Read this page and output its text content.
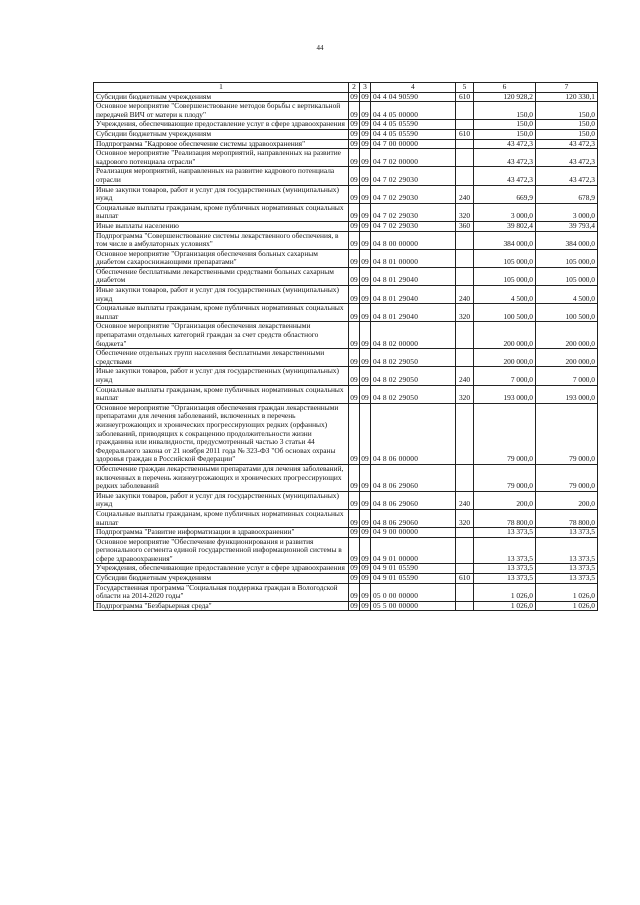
44
1	2	3	4	5	6	7
Субсидии бюджетным учреждениям	09	09	04 4 04 90590	610	120 928,2	120 330,1
Основное мероприятие "Совершенствование методов борьбы с вертикальной передачей ВИЧ от матери к плоду"	09	09	04 4 05 00000		150,0	150,0
Учреждения, обеспечивающие предоставление услуг в сфере здравоохранения	09	09	04 4 05 05590		150,0	150,0
Субсидии бюджетным учреждениям	09	09	04 4 05 05590	610	150,0	150,0
Подпрограмма "Кадровое обеспечение системы здравоохранения"	09	09	04 7 00 00000		43 472,3	43 472,3
Основное мероприятие "Реализация мероприятий, направленных на развитие кадрового потенциала отрасли"	09	09	04 7 02 00000		43 472,3	43 472,3
Реализация мероприятий, направленных на развитие кадрового потенциала отрасли	09	09	04 7 02 29030		43 472,3	43 472,3
Иные закупки товаров, работ и услуг для государственных (муниципальных) нужд	09	09	04 7 02 29030	240	669,9	678,9
Социальные выплаты гражданам, кроме публичных нормативных социальных выплат	09	09	04 7 02 29030	320	3 000,0	3 000,0
Иные выплаты населению	09	09	04 7 02 29030	360	39 802,4	39 793,4
Подпрограмма "Совершенствование системы лекарственного обеспечения, в том числе в амбулаторных условиях"	09	09	04 8 00 00000		384 000,0	384 000,0
Основное мероприятие "Организация обеспечения больных сахарным диабетом сахароснижающими препаратами"	09	09	04 8 01 00000		105 000,0	105 000,0
Обеспечение бесплатными лекарственными средствами больных сахарным диабетом	09	09	04 8 01 29040		105 000,0	105 000,0
Иные закупки товаров, работ и услуг для государственных (муниципальных) нужд	09	09	04 8 01 29040	240	4 500,0	4 500,0
Социальные выплаты гражданам, кроме публичных нормативных социальных выплат	09	09	04 8 01 29040	320	100 500,0	100 500,0
Основное мероприятие "Организация обеспечения лекарственными препаратами отдельных категорий граждан за счет средств областного бюджета"	09	09	04 8 02 00000		200 000,0	200 000,0
Обеспечение отдельных групп населения бесплатными лекарственными средствами	09	09	04 8 02 29050		200 000,0	200 000,0
Иные закупки товаров, работ и услуг для государственных (муниципальных) нужд	09	09	04 8 02 29050	240	7 000,0	7 000,0
Социальные выплаты гражданам, кроме публичных нормативных социальных выплат	09	09	04 8 02 29050	320	193 000,0	193 000,0
Основное мероприятие "Организация обеспечения граждан лекарственными препаратами для лечения заболеваний, включенных в перечень жизнеугрожающих и хронических прогрессирующих редких (орфанных) заболеваний, приводящих к сокращению продолжительности жизни гражданина или инвалидности, предусмотренный частью 3 статьи 44 Федерального закона от 21 ноября 2011 года № 323-ФЗ "Об основах охраны здоровья граждан в Российской Федерации"	09	09	04 8 06 00000		79 000,0	79 000,0
Обеспечение граждан лекарственными препаратами для лечения заболеваний, включенных в перечень жизнеугрожающих и хронических прогрессирующих редких заболеваний	09	09	04 8 06 29060		79 000,0	79 000,0
Иные закупки товаров, работ и услуг для государственных (муниципальных) нужд	09	09	04 8 06 29060	240	200,0	200,0
Социальные выплаты гражданам, кроме публичных нормативных социальных выплат	09	09	04 8 06 29060	320	78 800,0	78 800,0
Подпрограмма "Развитие информатизации в здравоохранении"	09	09	04 9 00 00000		13 373,5	13 373,5
Основное мероприятие "Обеспечение функционирования и развития регионального сегмента единой государственной информационной системы в сфере здравоохранения"	09	09	04 9 01 00000		13 373,5	13 373,5
Учреждения, обеспечивающие предоставление услуг в сфере здравоохранения	09	09	04 9 01 05590		13 373,5	13 373,5
Субсидии бюджетным учреждениям	09	09	04 9 01 05590	610	13 373,5	13 373,5
Государственная программа "Социальная поддержка граждан в Вологодской области на 2014-2020 годы"	09	09	05 0 00 00000		1 026,0	1 026,0
Подпрограмма "Безбарьерная среда"	09	09	05 5 00 00000		1 026,0	1 026,0
